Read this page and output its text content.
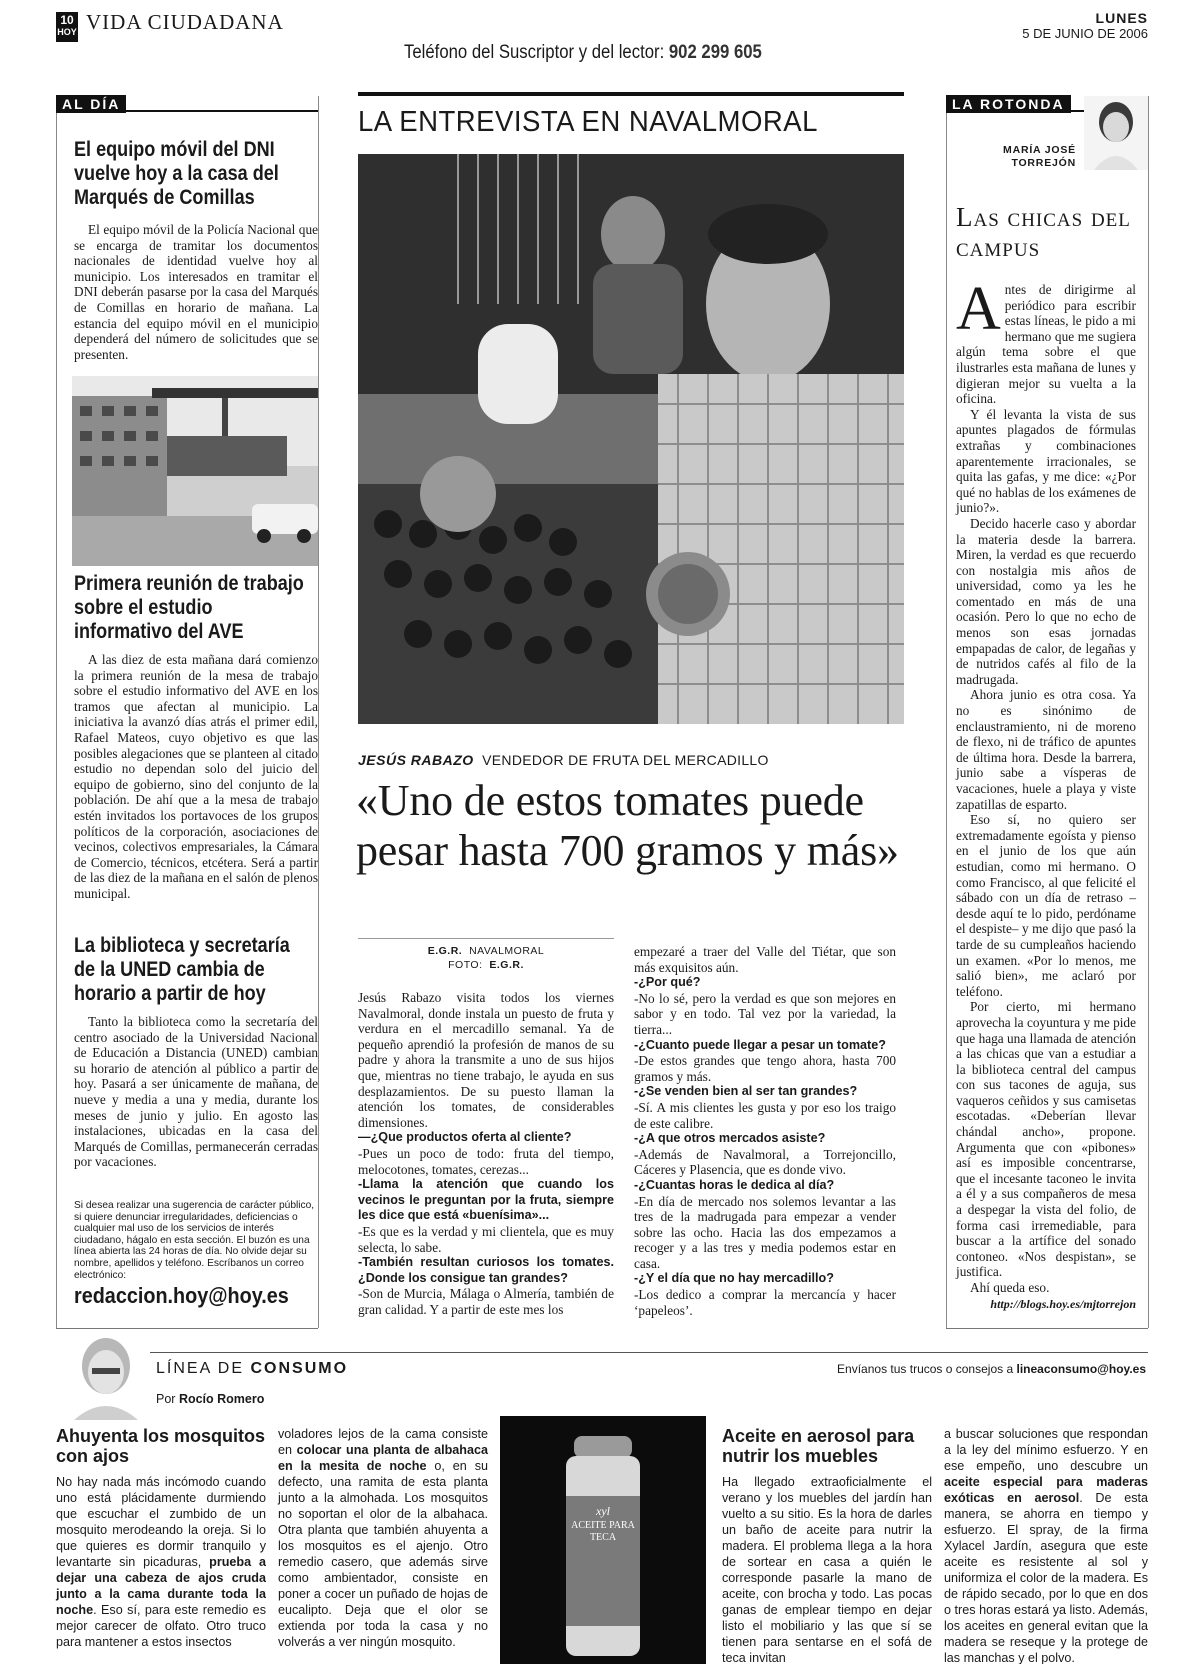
10
HOY VIDA CIUDADANA	LUNES
5 DE JUNIO DE 2006
Teléfono del Suscriptor y del lector: 902 299 605
AL DÍA
El equipo móvil del DNI vuelve hoy a la casa del Marqués de Comillas

El equipo móvil de la Policía Nacional que se encarga de tramitar los documentos nacionales de identidad vuelve hoy al municipio. Los interesados en tramitar el DNI deberán pasarse por la casa del Marqués de Comillas en horario de mañana. La estancia del equipo móvil en el municipio dependerá del número de solicitudes que se presenten.

Primera reunión de trabajo sobre el estudio informativo del AVE

A las diez de esta mañana dará comienzo la primera reunión de la mesa de trabajo sobre el estudio informativo del AVE en los tramos que afectan al municipio. La iniciativa la avanzó días atrás el primer edil, Rafael Mateos, cuyo objetivo es que las posibles alegaciones que se planteen al citado estudio no dependan solo del juicio del equipo de gobierno, sino del conjunto de la población. De ahí que a la mesa de trabajo estén invitados los portavoces de los grupos políticos de la corporación, asociaciones de vecinos, colectivos empresariales, la Cámara de Comercio, técnicos, etcétera. Será a partir de las diez de la mañana en el salón de plenos municipal.

La biblioteca y secretaría de la UNED cambia de horario a partir de hoy

Tanto la biblioteca como la secretaría del centro asociado de la Universidad Nacional de Educación a Distancia (UNED) cambian su horario de atención al público a partir de hoy. Pasará a ser únicamente de mañana, de nueve y media a una y media, durante los meses de junio y julio. En agosto las instalaciones, ubicadas en la casa del Marqués de Comillas, permanecerán cerradas por vacaciones.

Si desea realizar una sugerencia de carácter público, si quiere denunciar irregularidades, deficiencias o cualquier mal uso de los servicios de interés ciudadano, hágalo en esta sección. El buzón es una línea abierta las 24 horas de día. No olvide dejar su nombre, apellidos y teléfono. Escríbanos un correo electrónico:
redaccion.hoy@hoy.es
LA ENTREVISTA EN NAVALMORAL
JESÚS RABAZO VENDEDOR DE FRUTA DEL MERCADILLO
«Uno de estos tomates puede pesar hasta 700 gramos y más»
E.G.R. NAVALMORAL
FOTO: E.G.R.
Jesús Rabazo visita todos los viernes Navalmoral, donde instala un puesto de fruta y verdura en el mercadillo semanal. Ya de pequeño aprendió la profesión de manos de su padre y ahora la transmite a uno de sus hijos que, mientras no tiene trabajo, le ayuda en sus desplazamientos. De su puesto llaman la atención los tomates, de considerables dimensiones.
—¿Que productos oferta al cliente?
-Pues un poco de todo: fruta del tiempo, melocotones, tomates, cerezas...
-Llama la atención que cuando los vecinos le preguntan por la fruta, siempre les dice que está «buenísima»...
-Es que es la verdad y mi clientela, que es muy selecta, lo sabe.
-También resultan curiosos los tomates. ¿Donde los consigue tan grandes?
-Son de Murcia, Málaga o Almería, también de gran calidad. Y a partir de este mes los
empezaré a traer del Valle del Tiétar, que son más exquisitos aún.
-¿Por qué?
-No lo sé, pero la verdad es que son mejores en sabor y en todo. Tal vez por la variedad, la tierra...
-¿Cuanto puede llegar a pesar un tomate?
-De estos grandes que tengo ahora, hasta 700 gramos y más.
-¿Se venden bien al ser tan grandes?
-Sí. A mis clientes les gusta y por eso los traigo de este calibre.
-¿A que otros mercados asiste?
-Además de Navalmoral, a Torrejoncillo, Cáceres y Plasencia, que es donde vivo.
-¿Cuantas horas le dedica al día?
-En día de mercado nos solemos levantar a las tres de la madrugada para empezar a vender sobre las ocho. Hacia las dos empezamos a recoger y a las tres y media podemos estar en casa.
-¿Y el día que no hay mercadillo?
-Los dedico a comprar la mercancía y hacer ‘papeleos’.
LA ROTONDA
MARÍA JOSÉ TORREJÓN
Las chicas del campus
A ntes de dirigirme al periódico para escribir estas líneas, le pido a mi hermano que me sugiera algún tema sobre el que ilustrarles esta mañana de lunes y digieran mejor su vuelta a la oficina.

Y él levanta la vista de sus apuntes plagados de fórmulas extrañas y combinaciones aparentemente irracionales, se quita las gafas, y me dice: «¿Por qué no hablas de los exámenes de junio?».

Decido hacerle caso y abordar la materia desde la barrera. Miren, la verdad es que recuerdo con nostalgia mis años de universidad, como ya les he comentado en más de una ocasión. Pero lo que no echo de menos son esas jornadas empapadas de calor, de legañas y de nutridos cafés al filo de la madrugada.

Ahora junio es otra cosa. Ya no es sinónimo de enclaustramiento, ni de moreno de flexo, ni de tráfico de apuntes de última hora. Desde la barrera, junio sabe a vísperas de vacaciones, huele a playa y viste zapatillas de esparto.

Eso sí, no quiero ser extremadamente egoísta y pienso en el junio de los que aún estudian, como mi hermano. O como Francisco, al que felicité el sábado con un día de retraso –desde aquí te lo pido, perdóname el despiste– y me dijo que pasó la tarde de su cumpleaños haciendo un examen. «Por lo menos, me salió bien», me aclaró por teléfono.

Por cierto, mi hermano aprovecha la coyuntura y me pide que haga una llamada de atención a las chicas que van a estudiar a la biblioteca central del campus con sus tacones de aguja, sus vaqueros ceñidos y sus camisetas escotadas. «Deberían llevar chándal ancho», propone. Argumenta que con «pibones» así es imposible concentrarse, que el incesante taconeo le invita a él y a sus compañeros de mesa a despegar la vista del folio, de forma casi irremediable, para buscar a la artífice del sonado contoneo. «Nos despistan», se justifica.

Ahí queda eso.

http://blogs.hoy.es/mjtorrejon
LÍNEA DE CONSUMO
Por Rocío Romero
Envíanos tus trucos o consejos a lineaconsumo@hoy.es
Ahuyenta los mosquitos con ajos
No hay nada más incómodo cuando uno está plácidamente durmiendo que escuchar el zumbido de un mosquito merodeando la oreja. Si lo que quieres es dormir tranquilo y levantarte sin picaduras, prueba a dejar una cabeza de ajos cruda junto a la cama durante toda la noche. Eso sí, para este remedio es mejor carecer de olfato. Otro truco para mantener a estos insectos
voladores lejos de la cama consiste en colocar una planta de albahaca en la mesita de noche o, en su defecto, una ramita de esta planta junto a la almohada. Los mosquitos no soportan el olor de la albahaca. Otra planta que también ahuyenta a los mosquitos es el ajenjo. Otro remedio casero, que además sirve como ambientador, consiste en poner a cocer un puñado de hojas de eucalipto. Deja que el olor se extienda por toda la casa y no volverás a ver ningún mosquito.
xyl
ACEITE PARA TECA
Aceite en aerosol para nutrir los muebles
Ha llegado extraoficialmente el verano y los muebles del jardín han vuelto a su sitio. Es la hora de darles un baño de aceite para nutrir la madera. El problema llega a la hora de sortear en casa a quién le corresponde pasarle la mano de aceite, con brocha y todo. Las pocas ganas de emplear tiempo en dejar listo el mobiliario y las que sí se tienen para sentarse en el sofá de teca invitan
a buscar soluciones que respondan a la ley del mínimo esfuerzo. Y en ese empeño, uno descubre un aceite especial para maderas exóticas en aerosol. De esta manera, se ahorra en tiempo y esfuerzo. El spray, de la firma Xylacel Jardín, asegura que este aceite es resistente al sol y uniformiza el color de la madera. Es de rápido secado, por lo que en dos o tres horas estará ya listo. Además, los aceites en general evitan que la madera se reseque y la protege de las manchas y el polvo.
